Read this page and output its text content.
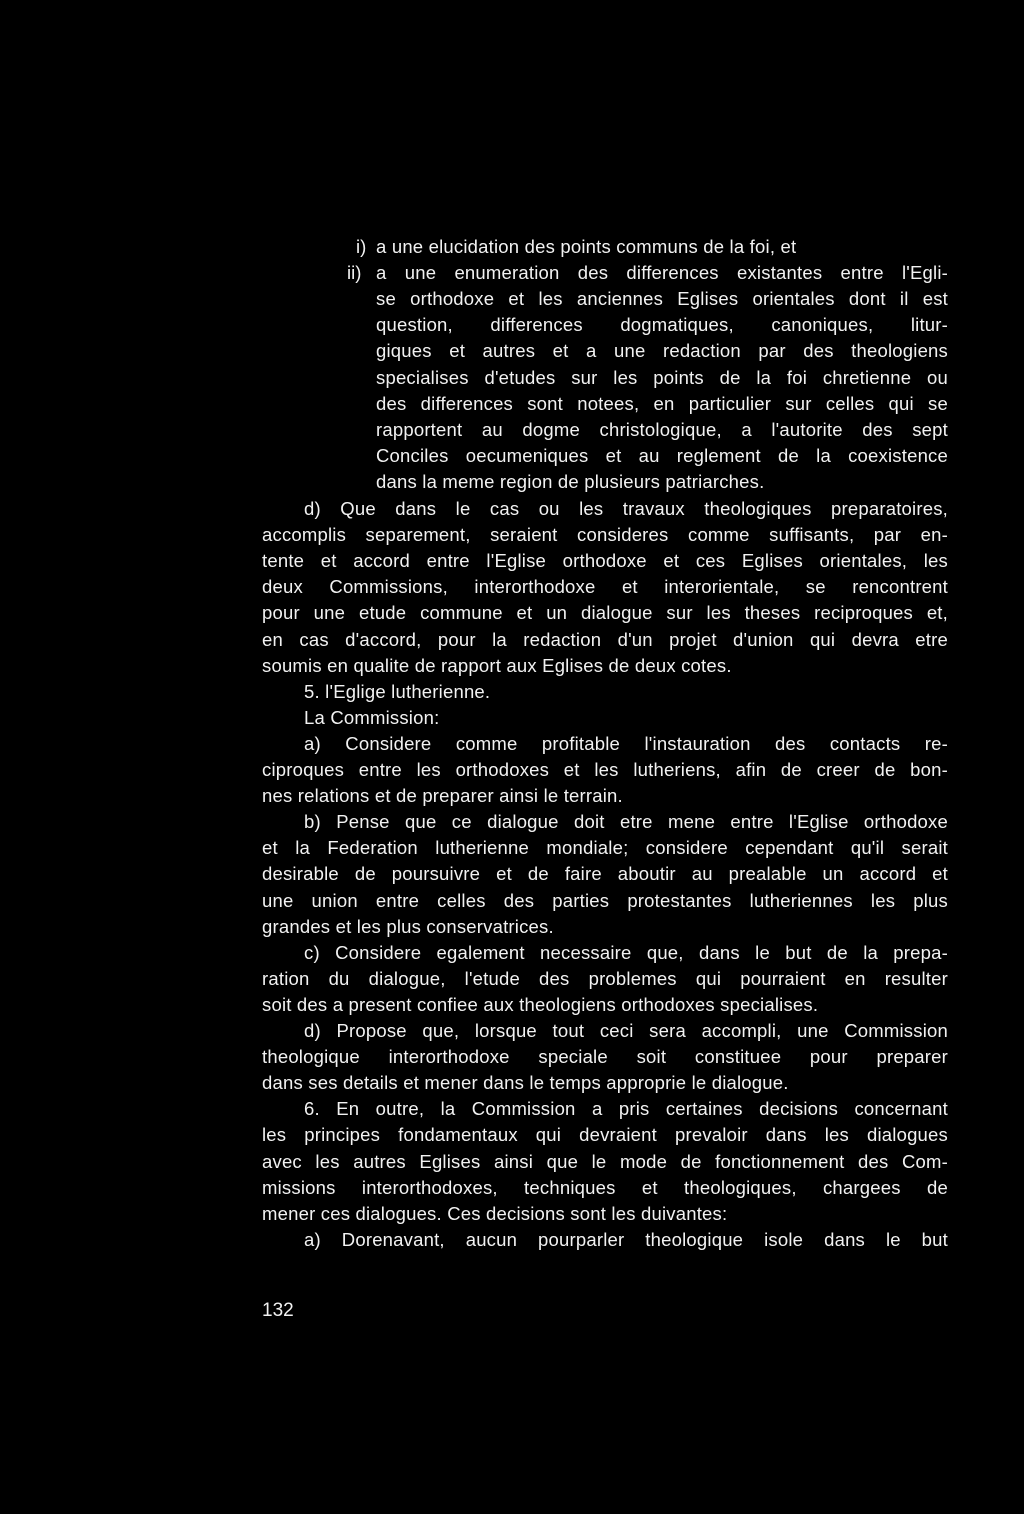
i) a une elucidation des points communs de la foi, et
ii) a une enumeration des differences existantes entre l'Egli-
se orthodoxe et les anciennes Eglises orientales dont il est
question, differences dogmatiques, canoniques, litur-
giques et autres et a une redaction par des theologiens
specialises d'etudes sur les points de la foi chretienne ou
des differences sont notees, en particulier sur celles qui se
rapportent au dogme christologique, a l'autorite des sept
Conciles oecumeniques et au reglement de la coexistence
dans la meme region de plusieurs patriarches.
d) Que dans le cas ou les travaux theologiques preparatoires,
accomplis separement, seraient consideres comme suffisants, par en-
tente et accord entre l'Eglise orthodoxe et ces Eglises orientales, les
deux Commissions, interorthodoxe et interorientale, se rencontrent
pour une etude commune et un dialogue sur les theses reciproques et,
en cas d'accord, pour la redaction d'un projet d'union qui devra etre
soumis en qualite de rapport aux Eglises de deux cotes.
5. l'Eglige lutherienne.
La Commission:
a) Considere comme profitable l'instauration des contacts re-
ciproques entre les orthodoxes et les lutheriens, afin de creer de bon-
nes relations et de preparer ainsi le terrain.
b) Pense que ce dialogue doit etre mene entre l'Eglise orthodoxe
et la Federation lutherienne mondiale; considere cependant qu'il serait
desirable de poursuivre et de faire aboutir au prealable un accord et
une union entre celles des parties protestantes lutheriennes les plus
grandes et les plus conservatrices.
c) Considere egalement necessaire que, dans le but de la prepa-
ration du dialogue, l'etude des problemes qui pourraient en resulter
soit des a present confiee aux theologiens orthodoxes specialises.
d) Propose que, lorsque tout ceci sera accompli, une Commission
theologique interorthodoxe speciale soit constituee pour preparer
dans ses details et mener dans le temps approprie le dialogue.
6. En outre, la Commission a pris certaines decisions concernant
les principes fondamentaux qui devraient prevaloir dans les dialogues
avec les autres Eglises ainsi que le mode de fonctionnement des Com-
missions interorthodoxes, techniques et theologiques, chargees de
mener ces dialogues. Ces decisions sont les duivantes:
a) Dorenavant, aucun pourparler theologique isole dans le but
132
